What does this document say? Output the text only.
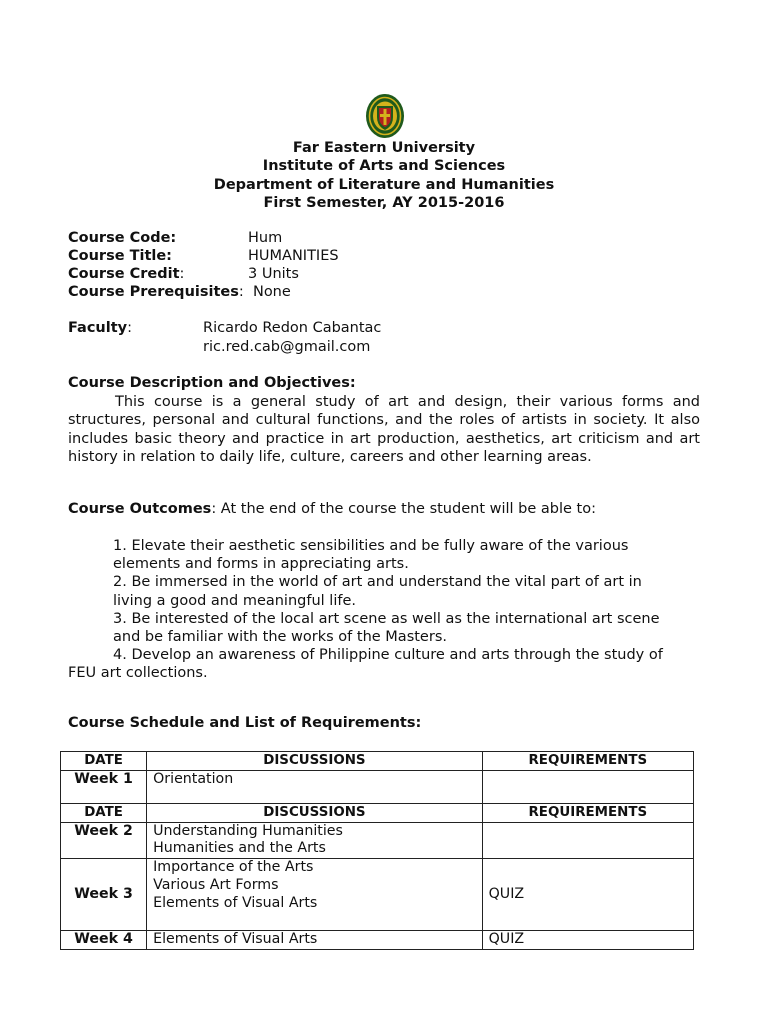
Far Eastern University
Institute of Arts and Sciences
Department of Literature and Humanities
First Semester, AY 2015-2016
Course Code:	Hum
Course Title:	HUMANITIES
Course Credit:	3 Units
Course Prerequisites: None
Faculty:	Ricardo Redon Cabantac
ric.red.cab@gmail.com
Course Description and Objectives:
This course is a general study of art and design, their various forms and structures, personal and cultural functions, and the roles of artists in society. It also includes basic theory and practice in art production, aesthetics, art criticism and art history in relation to daily life, culture, careers and other learning areas.
Course Outcomes: At the end of the course the student will be able to:
1. Elevate their aesthetic sensibilities and be fully aware of the various
elements and forms in appreciating arts.
2. Be immersed in the world of art and understand the vital part of art in
living a good and meaningful life.
3. Be interested of the local art scene as well as the international art scene
and be familiar with the works of the Masters.
4. Develop an awareness of Philippine culture and arts through the study of
FEU art collections.
Course Schedule and List of Requirements:
DATE	DISCUSSIONS	REQUIREMENTS
Week 1	Orientation	

DATE	DISCUSSIONS	REQUIREMENTS
Week 2	Understanding Humanities
Humanities and the Arts	

Week 3	Importance of the Arts
Various Art Forms
Elements of Visual Arts	QUIZ
Week 4	Elements of Visual Arts	QUIZ
